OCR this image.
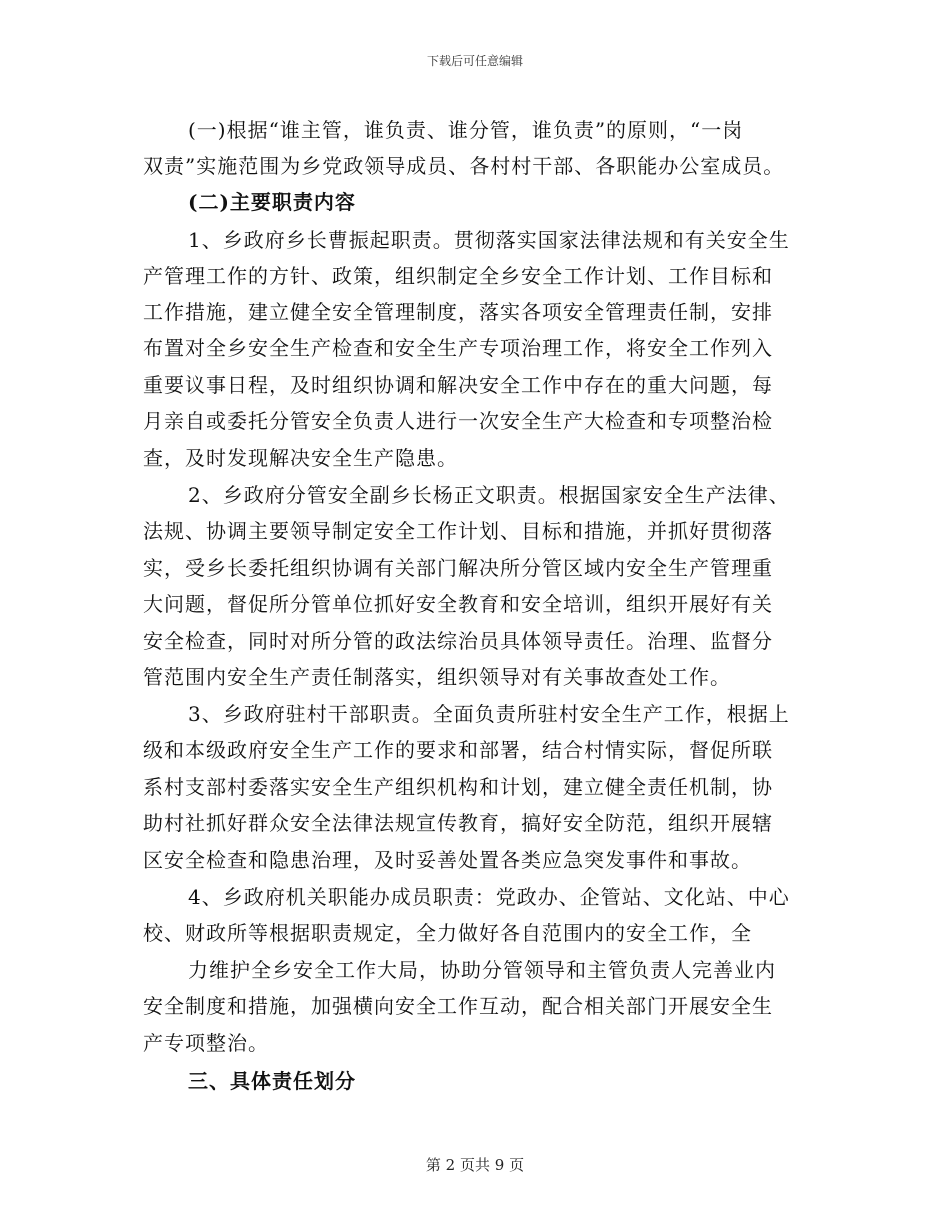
下载后可任意编辑
(一)根据“谁主管，谁负责、谁分管，谁负责”的原则，“一岗
双责”实施范围为乡党政领导成员、各村村干部、各职能办公室成员。
(二)主要职责内容
1、乡政府乡长曹振起职责。贯彻落实国家法律法规和有关安全生
产管理工作的方针、政策，组织制定全乡安全工作计划、工作目标和
工作措施，建立健全安全管理制度，落实各项安全管理责任制，安排
布置对全乡安全生产检查和安全生产专项治理工作，将安全工作列入
重要议事日程，及时组织协调和解决安全工作中存在的重大问题，每
月亲自或委托分管安全负责人进行一次安全生产大检查和专项整治检
查，及时发现解决安全生产隐患。
2、乡政府分管安全副乡长杨正文职责。根据国家安全生产法律、
法规、协调主要领导制定安全工作计划、目标和措施，并抓好贯彻落
实，受乡长委托组织协调有关部门解决所分管区域内安全生产管理重
大问题，督促所分管单位抓好安全教育和安全培训，组织开展好有关
安全检查，同时对所分管的政法综治员具体领导责任。治理、监督分
管范围内安全生产责任制落实，组织领导对有关事故查处工作。
3、乡政府驻村干部职责。全面负责所驻村安全生产工作，根据上
级和本级政府安全生产工作的要求和部署，结合村情实际，督促所联
系村支部村委落实安全生产组织机构和计划，建立健全责任机制，协
助村社抓好群众安全法律法规宣传教育，搞好安全防范，组织开展辖
区安全检查和隐患治理，及时妥善处置各类应急突发事件和事故。
4、乡政府机关职能办成员职责：党政办、企管站、文化站、中心
校、财政所等根据职责规定，全力做好各自范围内的安全工作，全
力维护全乡安全工作大局，协助分管领导和主管负责人完善业内
安全制度和措施，加强横向安全工作互动，配合相关部门开展安全生
产专项整治。
三、具体责任划分
第 2 页共 9 页
